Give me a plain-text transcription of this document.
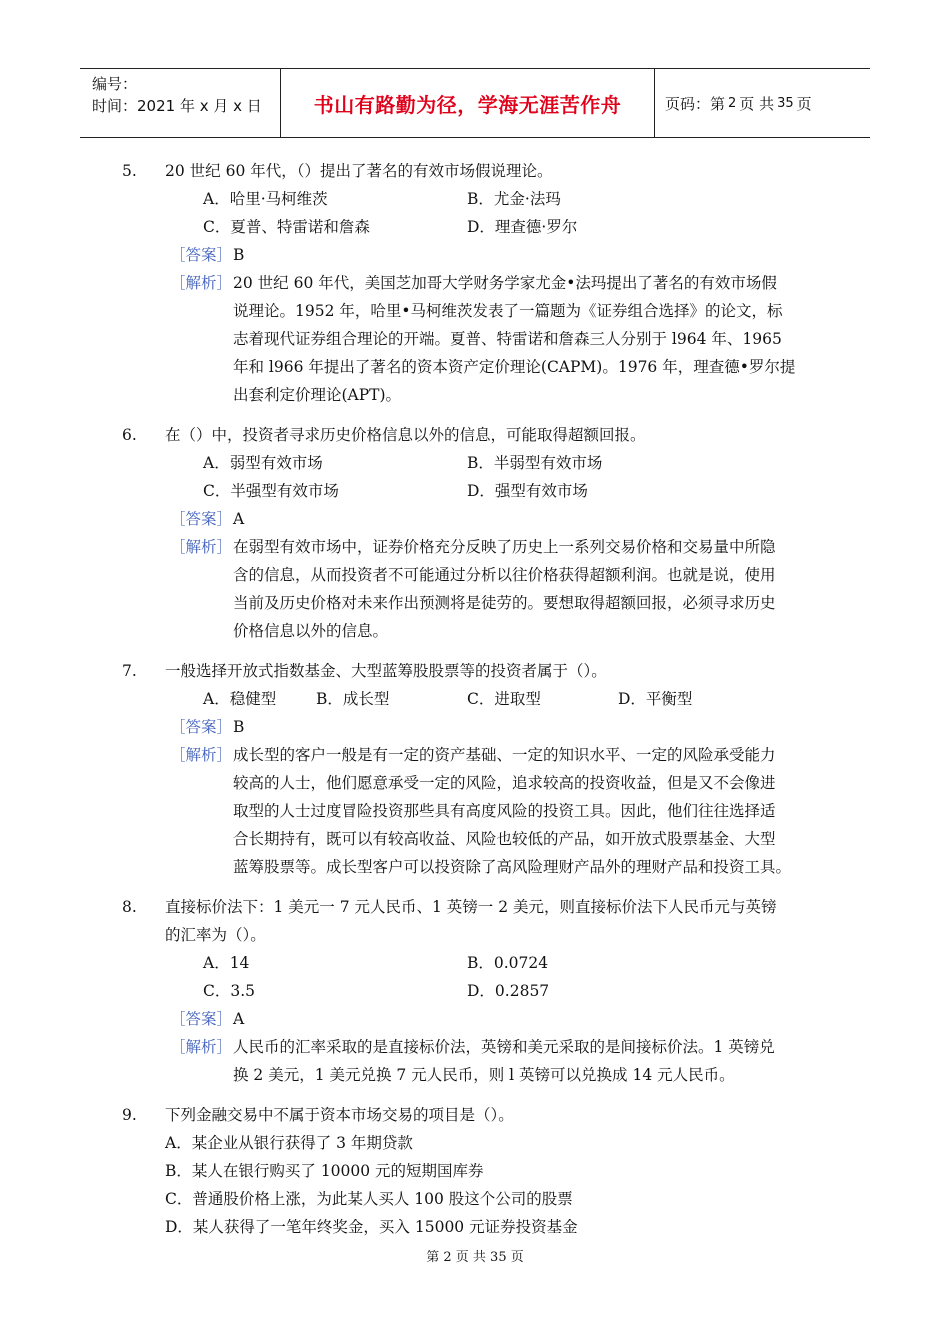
编号：
时间：2021 年 x 月 x 日	书山有路勤为径，学海无涯苦作舟	页码：第 2 页 共 35 页
5. 20 世纪 60 年代，（）提出了著名的有效市场假说理论。
A．哈里·马柯维茨	B．尤金·法玛
C．夏普、特雷诺和詹森	D．理查德·罗尔
［答案］ B
［解析］ 20 世纪 60 年代，美国芝加哥大学财务学家尤金•法玛提出了著名的有效市场假
说理论。1952 年，哈里•马柯维茨发表了一篇题为《证券组合选择》的论文，标
志着现代证券组合理论的开端。夏普、特雷诺和詹森三人分别于 l964 年、1965
年和 l966 年提出了著名的资本资产定价理论(CAPM)。1976 年，理查德•罗尔提
出套利定价理论(APT)。
6. 在（）中，投资者寻求历史价格信息以外的信息，可能取得超额回报。
A．弱型有效市场	B．半弱型有效市场
C．半强型有效市场	D．强型有效市场
［答案］ A
［解析］ 在弱型有效市场中，证券价格充分反映了历史上一系列交易价格和交易量中所隐
含的信息，从而投资者不可能通过分析以往价格获得超额利润。也就是说，使用
当前及历史价格对未来作出预测将是徒劳的。要想取得超额回报，必须寻求历史
价格信息以外的信息。
7. 一般选择开放式指数基金、大型蓝筹股股票等的投资者属于（）。
A．稳健型	B．成长型	C．进取型	D．平衡型
［答案］ B
［解析］ 成长型的客户一般是有一定的资产基础、一定的知识水平、一定的风险承受能力
较高的人士，他们愿意承受一定的风险，追求较高的投资收益，但是又不会像进
取型的人士过度冒险投资那些具有高度风险的投资工具。因此，他们往往选择适
合长期持有，既可以有较高收益、风险也较低的产品，如开放式股票基金、大型
蓝筹股票等。成长型客户可以投资除了高风险理财产品外的理财产品和投资工具。
8. 直接标价法下：1 美元一 7 元人民币、1 英镑一 2 美元，则直接标价法下人民币元与英镑
的汇率为（）。
A．14	B．0.0724
C．3.5	D．0.2857
［答案］ A
［解析］ 人民币的汇率采取的是直接标价法，英镑和美元采取的是间接标价法。1 英镑兑
换 2 美元，1 美元兑换 7 元人民币，则 l 英镑可以兑换成 14 元人民币。
9. 下列金融交易中不属于资本市场交易的项目是（）。
A．某企业从银行获得了 3 年期贷款
B．某人在银行购买了 10000 元的短期国库券
C．普通股价格上涨，为此某人买人 100 股这个公司的股票
D．某人获得了一笔年终奖金，买入 15000 元证券投资基金
第 2 页 共 35 页
